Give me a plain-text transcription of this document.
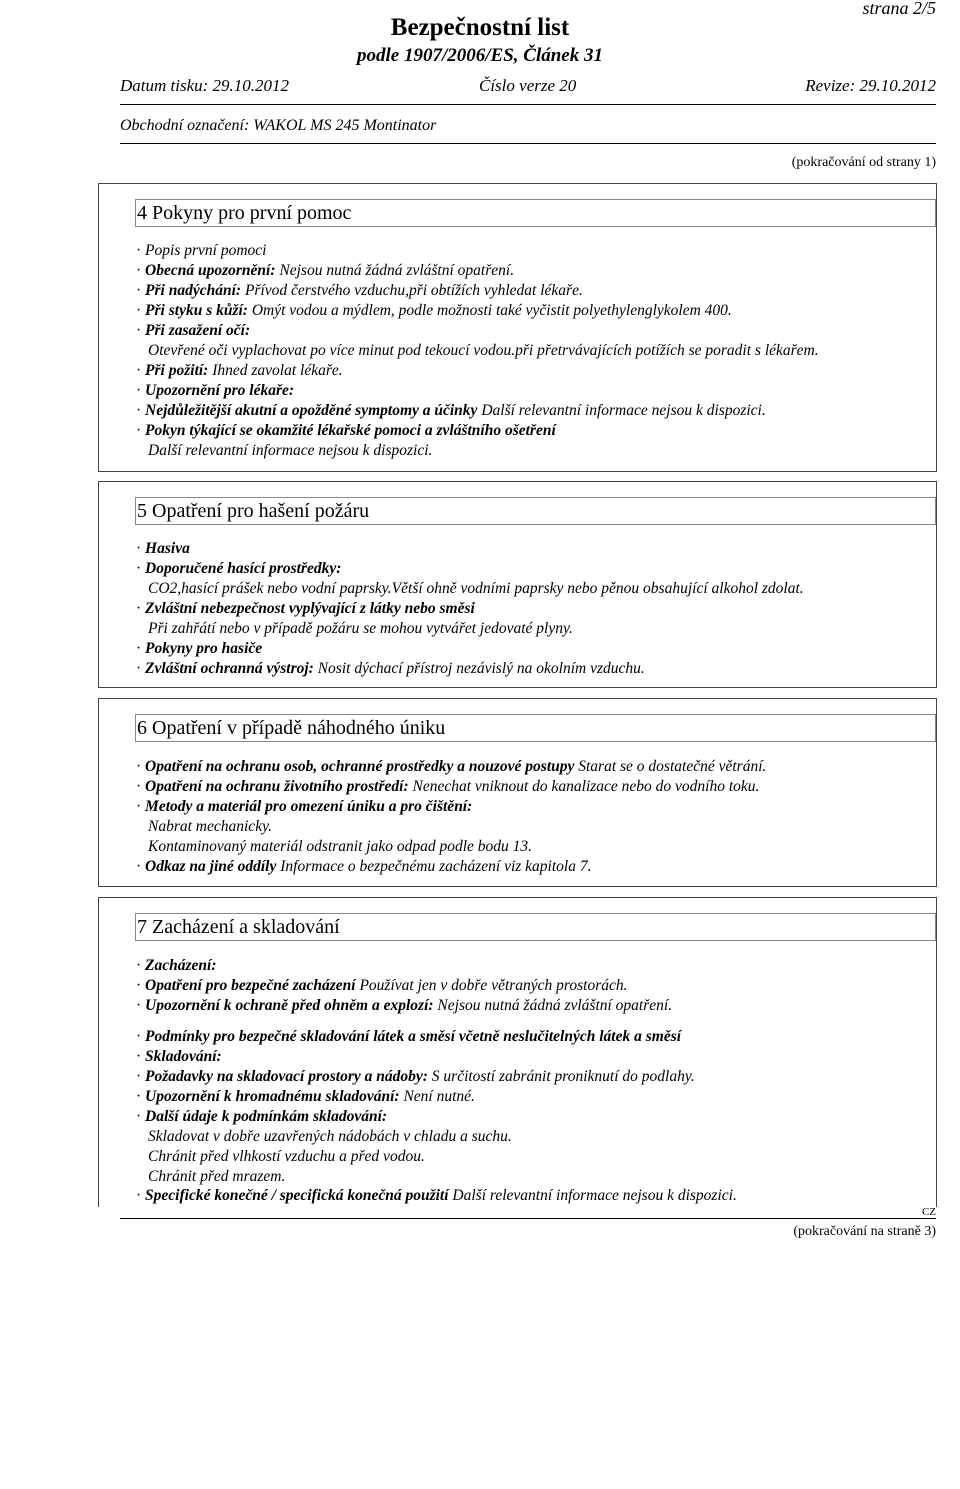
strana 2/5
Bezpečnostní list
podle 1907/2006/ES, Článek 31
Datum tisku: 29.10.2012	Číslo verze 20	Revize: 29.10.2012
Obchodní označení: WAKOL MS 245 Montinator
(pokračování od strany 1)
4 Pokyny pro první pomoc
· Popis první pomoci
· Obecná upozornění: Nejsou nutná žádná zvláštní opatření.
· Při nadýchání: Přívod čerstvého vzduchu,při obtížích vyhledat lékaře.
· Při styku s kůží: Omýt vodou a mýdlem, podle možnosti také vyčistit polyethylenglykolem 400.
· Při zasažení očí:
Otevřené oči vyplachovat po více minut pod tekoucí vodou.při přetrvávajících potížích se poradit s lékařem.
· Při požití: Ihned zavolat lékaře.
· Upozornění pro lékaře:
· Nejdůležitější akutní a opožděné symptomy a účinky Další relevantní informace nejsou k dispozici.
· Pokyn týkající se okamžité lékařské pomoci a zvláštního ošetření
Další relevantní informace nejsou k dispozici.
5 Opatření pro hašení požáru
· Hasiva
· Doporučené hasící prostředky:
CO2,hasící prášek nebo vodní paprsky.Větší ohně vodními paprsky nebo pěnou obsahující alkohol zdolat.
· Zvláštní nebezpečnost vyplývající z látky nebo směsi
Při zahřátí nebo v případě požáru se mohou vytvářet jedovaté plyny.
· Pokyny pro hasiče
· Zvláštní ochranná výstroj: Nosit dýchací přístroj nezávislý na okolním vzduchu.
6 Opatření v případě náhodného úniku
· Opatření na ochranu osob, ochranné prostředky a nouzové postupy Starat se o dostatečné větrání.
· Opatření na ochranu životního prostředí: Nenechat vniknout do kanalizace nebo do vodního toku.
· Metody a materiál pro omezení úniku a pro čištění:
Nabrat mechanicky.
Kontaminovaný materiál odstranit jako odpad podle bodu 13.
· Odkaz na jiné oddíly Informace o bezpečnému zacházení viz kapitola 7.
7 Zacházení a skladování
· Zacházení:
· Opatření pro bezpečné zacházení Používat jen v dobře větraných prostorách.
· Upozornění k ochraně před ohněm a explozí: Nejsou nutná žádná zvláštní opatření.
· Podmínky pro bezpečné skladování látek a směsí včetně neslučitelných látek a směsí
· Skladování:
· Požadavky na skladovací prostory a nádoby: S určitostí zabránit proniknutí do podlahy.
· Upozornění k hromadnému skladování: Není nutné.
· Další údaje k podmínkám skladování:
Skladovat v dobře uzavřených nádobách v chladu a suchu.
Chránit před vlhkostí vzduchu a před vodou.
Chránit před mrazem.
· Specifické konečné / specifická konečná použití Další relevantní informace nejsou k dispozici.
CZ
(pokračování na straně 3)
